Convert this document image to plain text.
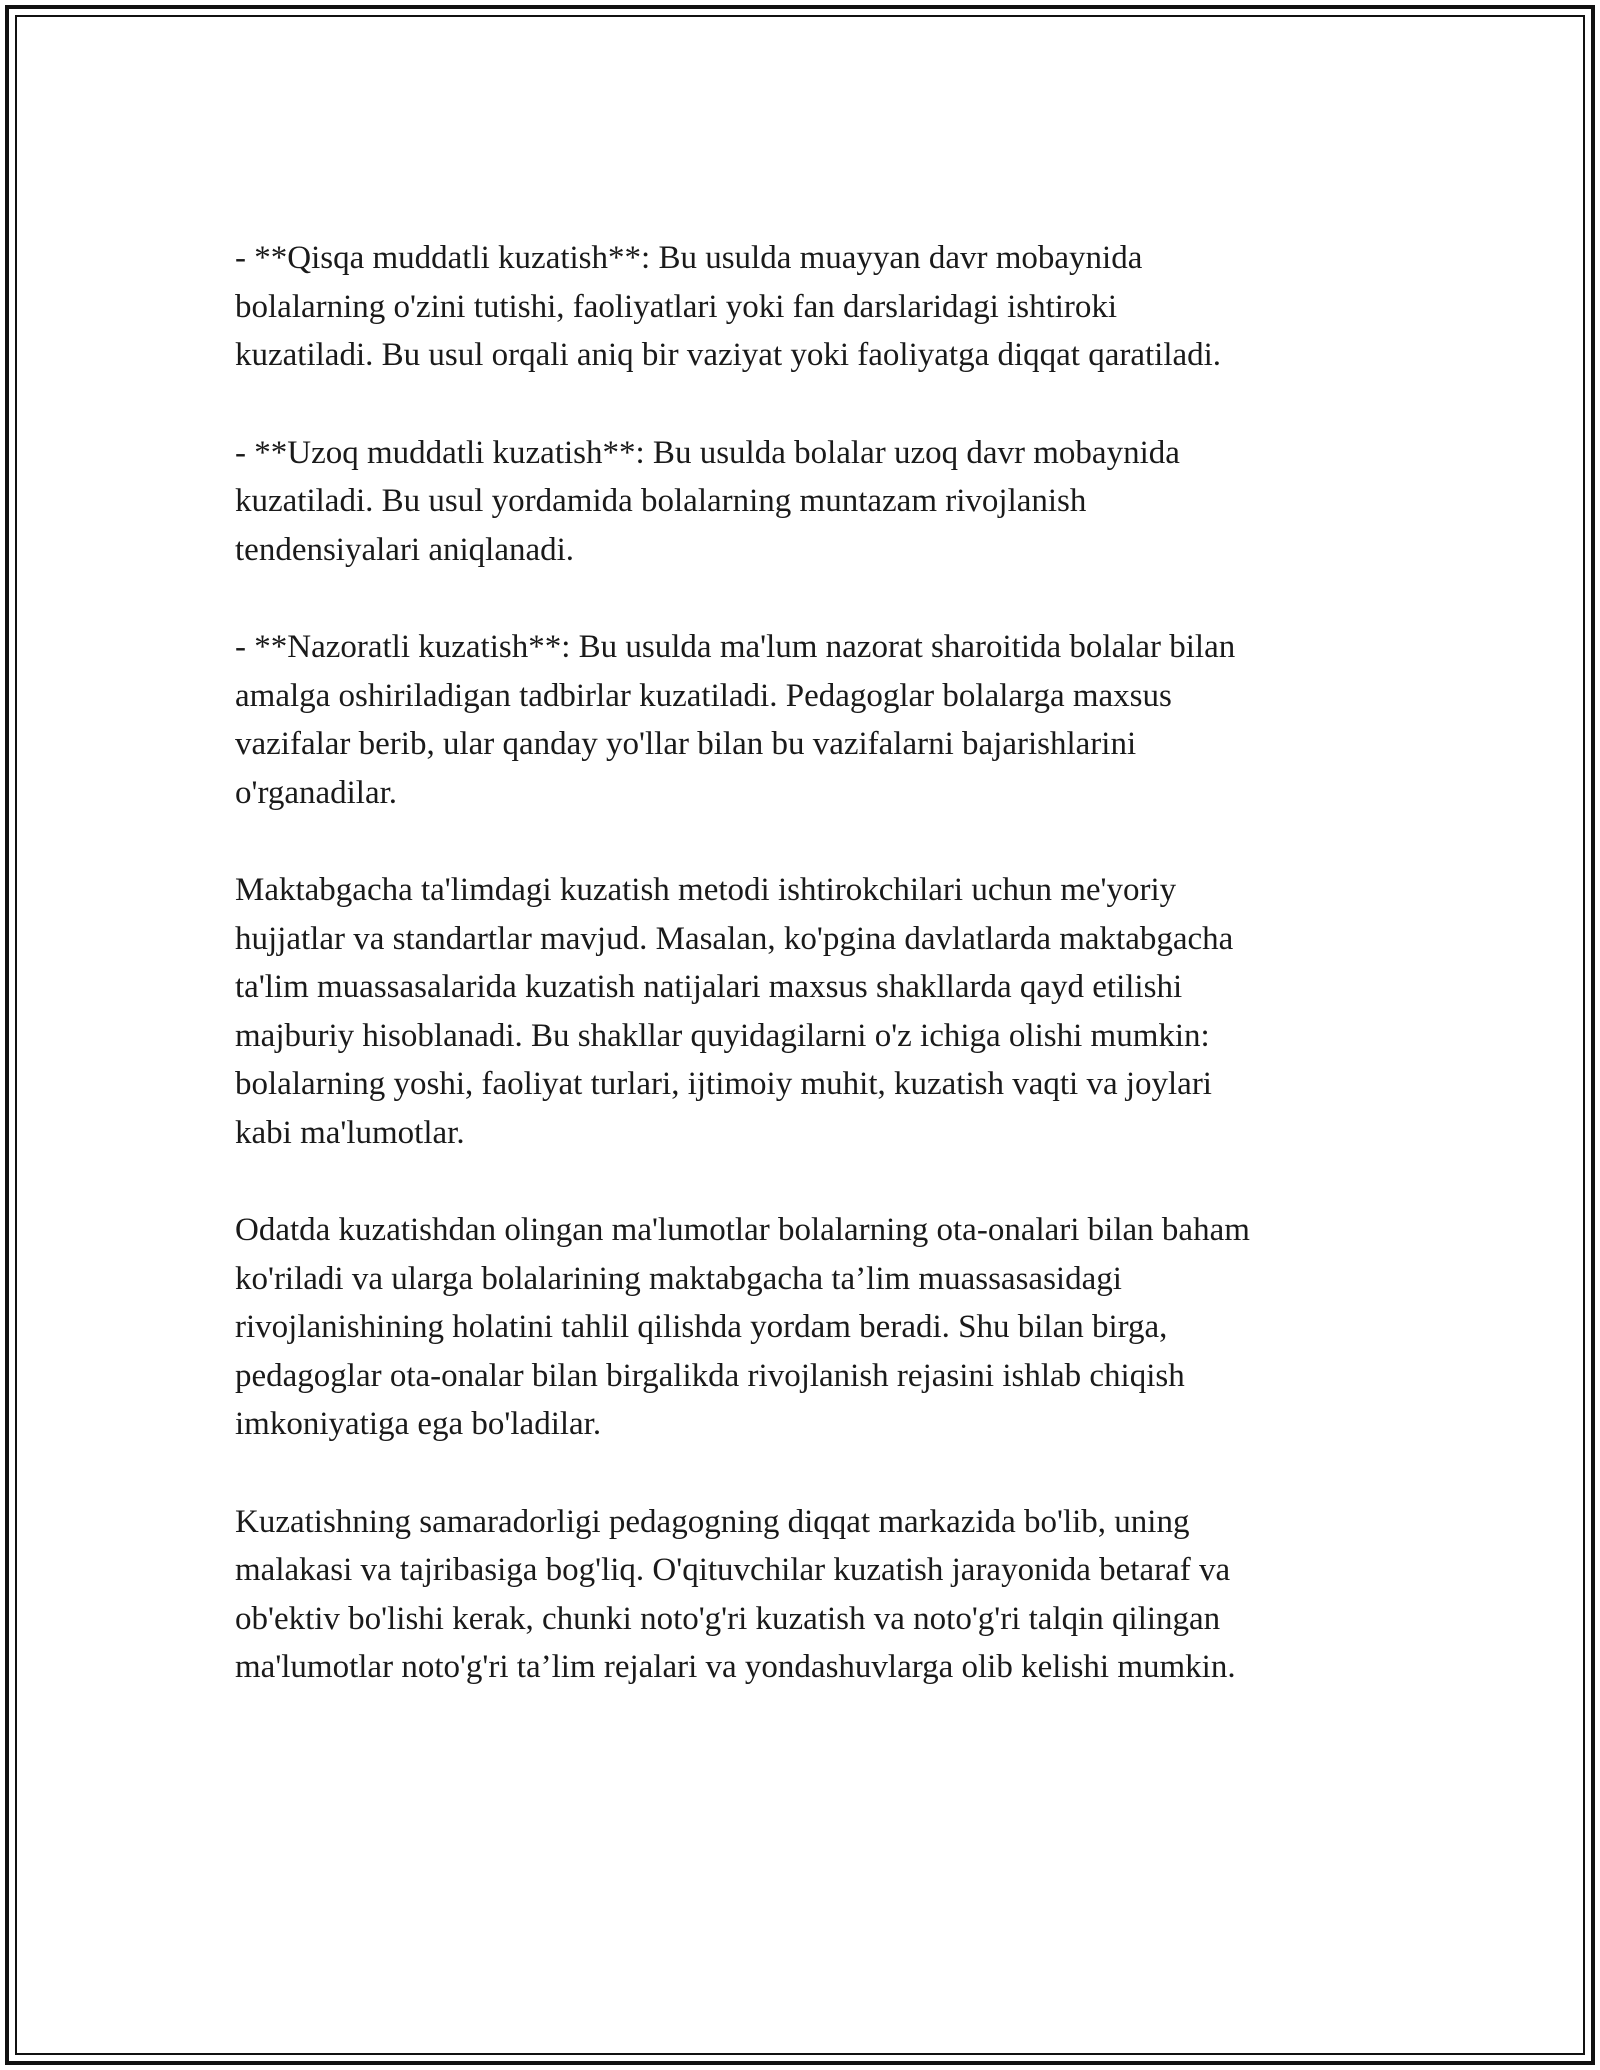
- **Qisqa muddatli kuzatish**: Bu usulda muayyan davr mobaynida
bolalarning o'zini tutishi, faoliyatlari yoki fan darslaridagi ishtiroki
kuzatiladi. Bu usul orqali aniq bir vaziyat yoki faoliyatga diqqat qaratiladi.

- **Uzoq muddatli kuzatish**: Bu usulda bolalar uzoq davr mobaynida
kuzatiladi. Bu usul yordamida bolalarning muntazam rivojlanish
tendensiyalari aniqlanadi.

- **Nazoratli kuzatish**: Bu usulda ma'lum nazorat sharoitida bolalar bilan
amalga oshiriladigan tadbirlar kuzatiladi. Pedagoglar bolalarga maxsus
vazifalar berib, ular qanday yo'llar bilan bu vazifalarni bajarishlarini
o'rganadilar.

Maktabgacha ta'limdagi kuzatish metodi ishtirokchilari uchun me'yoriy
hujjatlar va standartlar mavjud. Masalan, ko'pgina davlatlarda maktabgacha
ta'lim muassasalarida kuzatish natijalari maxsus shakllarda qayd etilishi
majburiy hisoblanadi. Bu shakllar quyidagilarni o'z ichiga olishi mumkin:
bolalarning yoshi, faoliyat turlari, ijtimoiy muhit, kuzatish vaqti va joylari
kabi ma'lumotlar.

Odatda kuzatishdan olingan ma'lumotlar bolalarning ota-onalari bilan baham
ko'riladi va ularga bolalarining maktabgacha ta’lim muassasasidagi
rivojlanishining holatini tahlil qilishda yordam beradi. Shu bilan birga,
pedagoglar ota-onalar bilan birgalikda rivojlanish rejasini ishlab chiqish
imkoniyatiga ega bo'ladilar.

Kuzatishning samaradorligi pedagogning diqqat markazida bo'lib, uning
malakasi va tajribasiga bog'liq. O'qituvchilar kuzatish jarayonida betaraf va
ob'ektiv bo'lishi kerak, chunki noto'g'ri kuzatish va noto'g'ri talqin qilingan
ma'lumotlar noto'g'ri ta’lim rejalari va yondashuvlarga olib kelishi mumkin.
